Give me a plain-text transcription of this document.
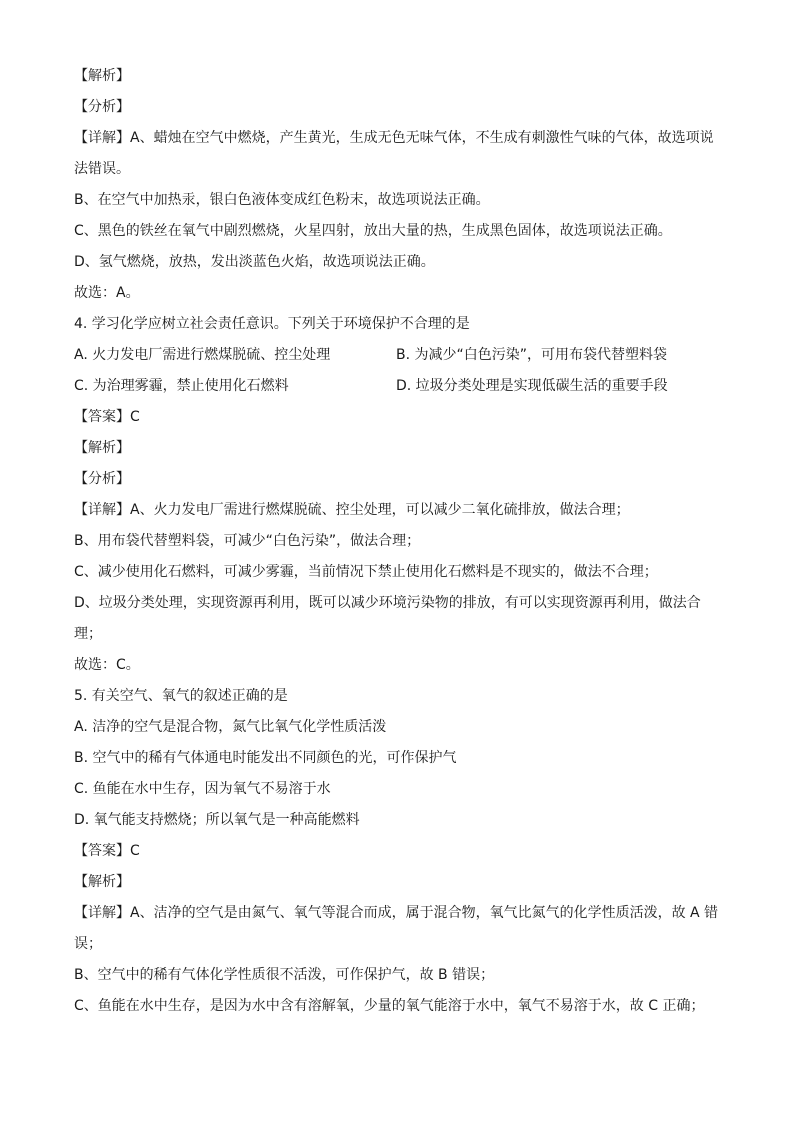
【解析】
【分析】
【详解】A、蜡烛在空气中燃烧，产生黄光，生成无色无味气体，不生成有刺激性气味的气体，故选项说
法错误。
B、在空气中加热汞，银白色液体变成红色粉末，故选项说法正确。
C、黑色的铁丝在氧气中剧烈燃烧，火星四射，放出大量的热，生成黑色固体，故选项说法正确。
D、氢气燃烧，放热，发出淡蓝色火焰，故选项说法正确。
故选：A。
4. 学习化学应树立社会责任意识。下列关于环境保护不合理的是
A. 火力发电厂需进行燃煤脱硫、控尘处理	B. 为减少“白色污染”，可用布袋代替塑料袋
C. 为治理雾霾，禁止使用化石燃料	D. 垃圾分类处理是实现低碳生活的重要手段
【答案】C
【解析】
【分析】
【详解】A、火力发电厂需进行燃煤脱硫、控尘处理，可以减少二氧化硫排放，做法合理；
B、用布袋代替塑料袋，可减少“白色污染”，做法合理；
C、减少使用化石燃料，可减少雾霾，当前情况下禁止使用化石燃料是不现实的，做法不合理；
D、垃圾分类处理，实现资源再利用，既可以减少环境污染物的排放，有可以实现资源再利用，做法合
理；
故选：C。
5. 有关空气、氧气的叙述正确的是
A. 洁净的空气是混合物，氮气比氧气化学性质活泼
B. 空气中的稀有气体通电时能发出不同颜色的光，可作保护气
C. 鱼能在水中生存，因为氧气不易溶于水
D. 氧气能支持燃烧；所以氧气是一种高能燃料
【答案】C
【解析】
【详解】A、洁净的空气是由氮气、氧气等混合而成，属于混合物，氧气比氮气的化学性质活泼，故 A 错
误；
B、空气中的稀有气体化学性质很不活泼，可作保护气，故 B 错误；
C、鱼能在水中生存，是因为水中含有溶解氧，少量的氧气能溶于水中，氧气不易溶于水，故 C 正确；
